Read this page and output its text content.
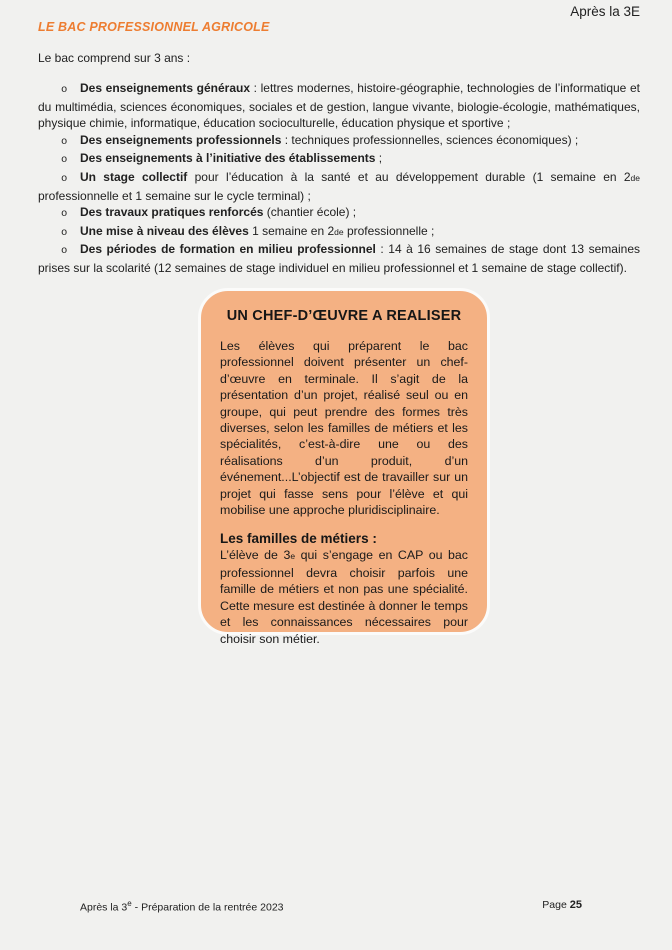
Après la 3E
LE BAC PROFESSIONNEL AGRICOLE

Le bac comprend sur 3 ans :

o Des enseignements généraux : lettres modernes, histoire-géographie, technologies de l’informatique et du multimédia, sciences économiques, sociales et de gestion, langue vivante, biologie-écologie, mathématiques, physique chimie, informatique, éducation socioculturelle, éducation physique et sportive ;
o Des enseignements professionnels : techniques professionnelles, sciences économiques) ;
o Des enseignements à l’initiative des établissements ;
o Un stage collectif pour l’éducation à la santé et au développement durable (1 semaine en 2de professionnelle et 1 semaine sur le cycle terminal) ;
o Des travaux pratiques renforcés (chantier école) ;
o Une mise à niveau des élèves 1 semaine en 2de professionnelle ;
o Des périodes de formation en milieu professionnel : 14 à 16 semaines de stage dont 13 semaines prises sur la scolarité (12 semaines de stage individuel en milieu professionnel et 1 semaine de stage collectif).
UN CHEF-D’ŒUVRE A REALISER

Les élèves qui préparent le bac professionnel doivent présenter un chef-d’œuvre en terminale. Il s’agit de la présentation d’un projet, réalisé seul ou en groupe, qui peut prendre des formes très diverses, selon les familles de métiers et les spécialités, c’est-à-dire une ou des réalisations d’un produit, d’un événement...L’objectif est de travailler sur un projet qui fasse sens pour l’élève et qui mobilise une approche pluridisciplinaire.

Les familles de métiers :

L’élève de 3e qui s’engage en CAP ou bac professionnel devra choisir parfois une famille de métiers et non pas une spécialité. Cette mesure est destinée à donner le temps et les connaissances nécessaires pour choisir son métier.

Après la 3e - Préparation de la rentrée 2023	Page 25
